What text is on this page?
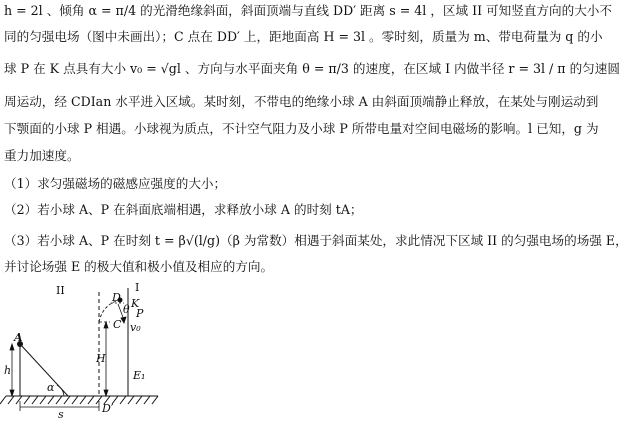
h = 2l 、倾角 α = π/4 的光滑绝缘斜面，斜面顶端与直线 DD′ 距离 s = 4l ，区域 II 可知竖直方向的大小不
同的匀强电场（图中未画出）；C 点在 DD′ 上，距地面高 H = 3l 。零时刻，质量为 m、带电荷量为 q 的小
球 P 在 K 点具有大小 v₀ = √gl 、方向与水平面夹角 θ = π/3 的速度，在区域 I 内做半径 r = 3l / π 的匀速圆
周运动，经 CDIan 水平进入区域。某时刻，不带电的绝缘小球 A 由斜面顶端静止释放，在某处与刚运动到
下颚面的小球 P 相遇。小球视为质点，不计空气阻力及小球 P 所带电量对空间电磁场的影响。l 已知，g 为
重力加速度。
（1）求匀强磁场的磁感应强度的大小；
（2）若小球 A、P 在斜面底端相遇，求释放小球 A 的时刻 tA；
（3）若小球 A、P 在时刻 t = β√(l/g)（β 为常数）相遇于斜面某处，求此情况下区域 II 的匀强电场的场强 E，
并讨论场强 E 的极大值和极小值及相应的方向。
II	I
D K
P
C
θ
v₀
A
h
H
α
s	D′
E₁
